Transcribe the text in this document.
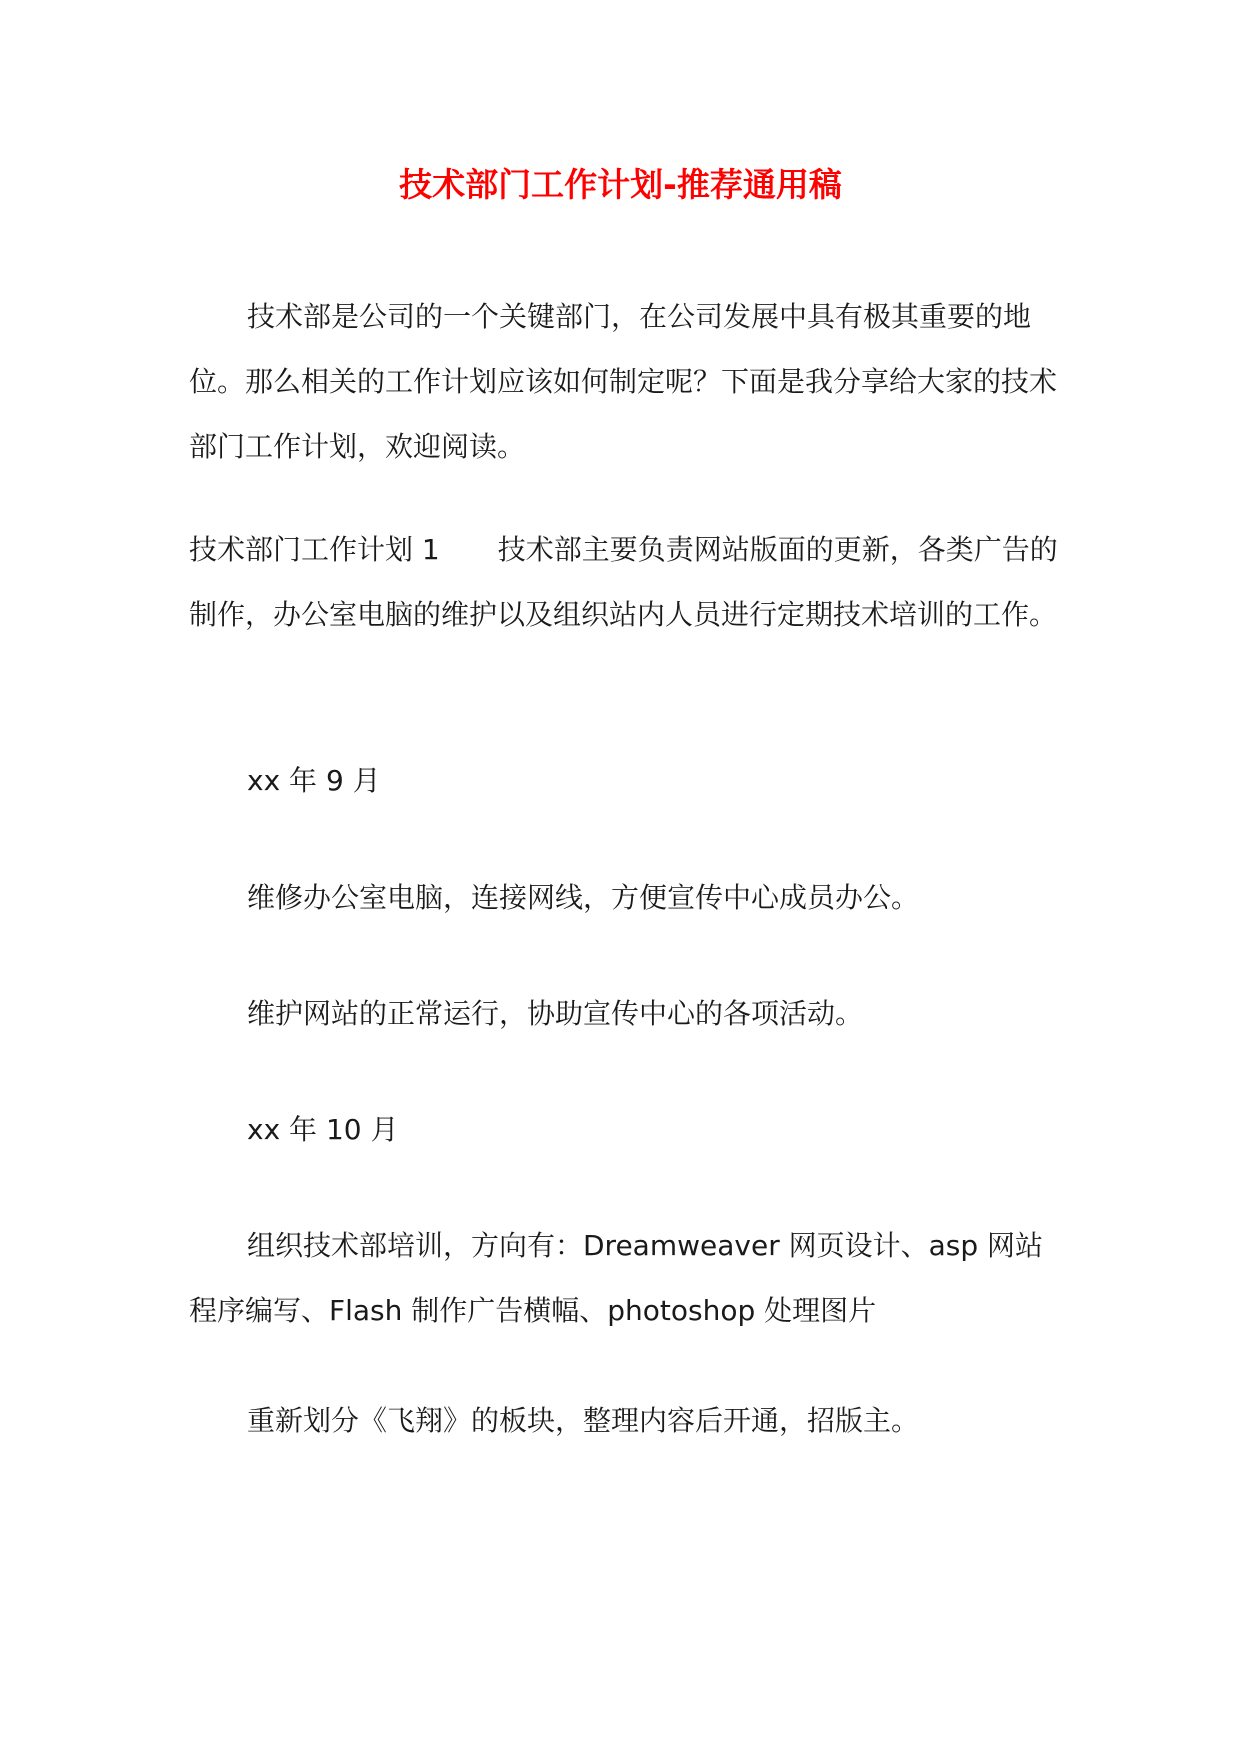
技术部门工作计划-推荐通用稿

技术部是公司的一个关键部门，在公司发展中具有极其重要的地位。那么相关的工作计划应该如何制定呢？下面是我分享给大家的技术部门工作计划，欢迎阅读。

技术部门工作计划 1 技术部主要负责网站版面的更新，各类广告的制作，办公室电脑的维护以及组织站内人员进行定期技术培训的工作。

xx 年 9 月

维修办公室电脑，连接网线，方便宣传中心成员办公。

维护网站的正常运行，协助宣传中心的各项活动。

xx 年 10 月

组织技术部培训，方向有：Dreamweaver 网页设计、asp 网站程序编写、Flash 制作广告横幅、photoshop 处理图片

重新划分《飞翔》的板块，整理内容后开通，招版主。
